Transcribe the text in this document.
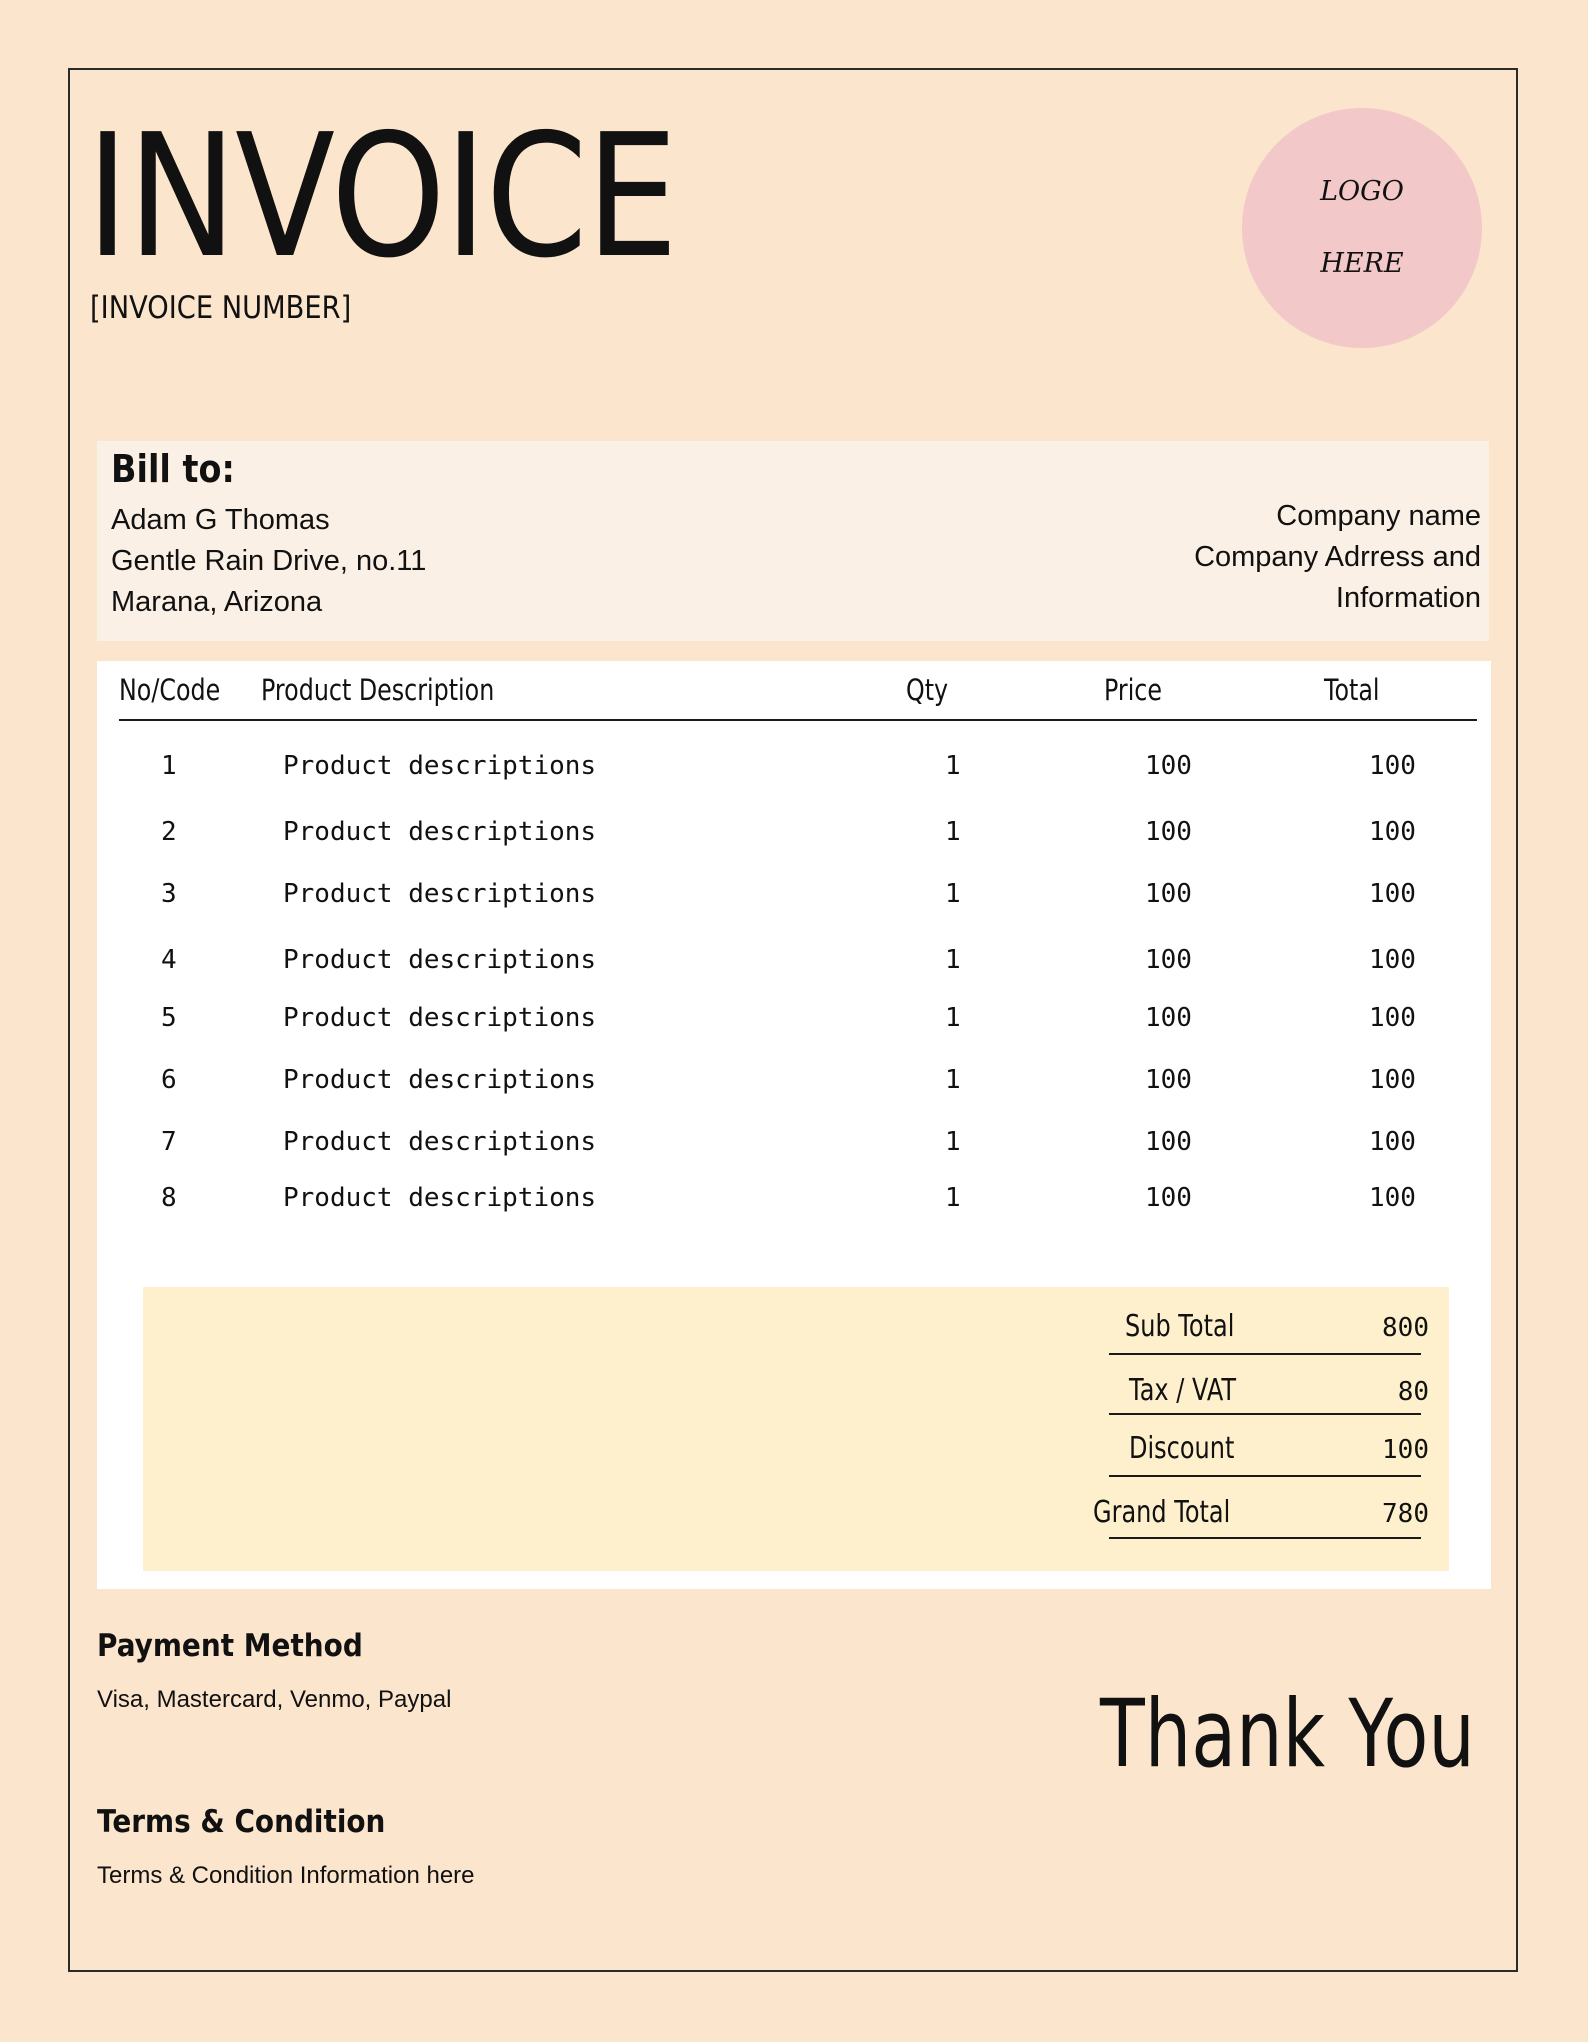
INVOICE
[INVOICE NUMBER]
LOGO
HERE
Bill to:
Adam G Thomas
Gentle Rain Drive, no.11
Marana, Arizona
Company name
Company Adrress and
Information
No/Code Product Description	Qty	Price	Total
1	Product descriptions	1	100	100
2	Product descriptions	1	100	100
3	Product descriptions	1	100	100
4	Product descriptions	1	100	100
5	Product descriptions	1	100	100
6	Product descriptions	1	100	100
7	Product descriptions	1	100	100
8	Product descriptions	1	100	100
Sub Total	800
Tax / VAT	80
Discount	100
Grand Total	780
Payment Method
Visa, Mastercard, Venmo, Paypal
Terms & Condition
Terms & Condition Information here
Thank You
